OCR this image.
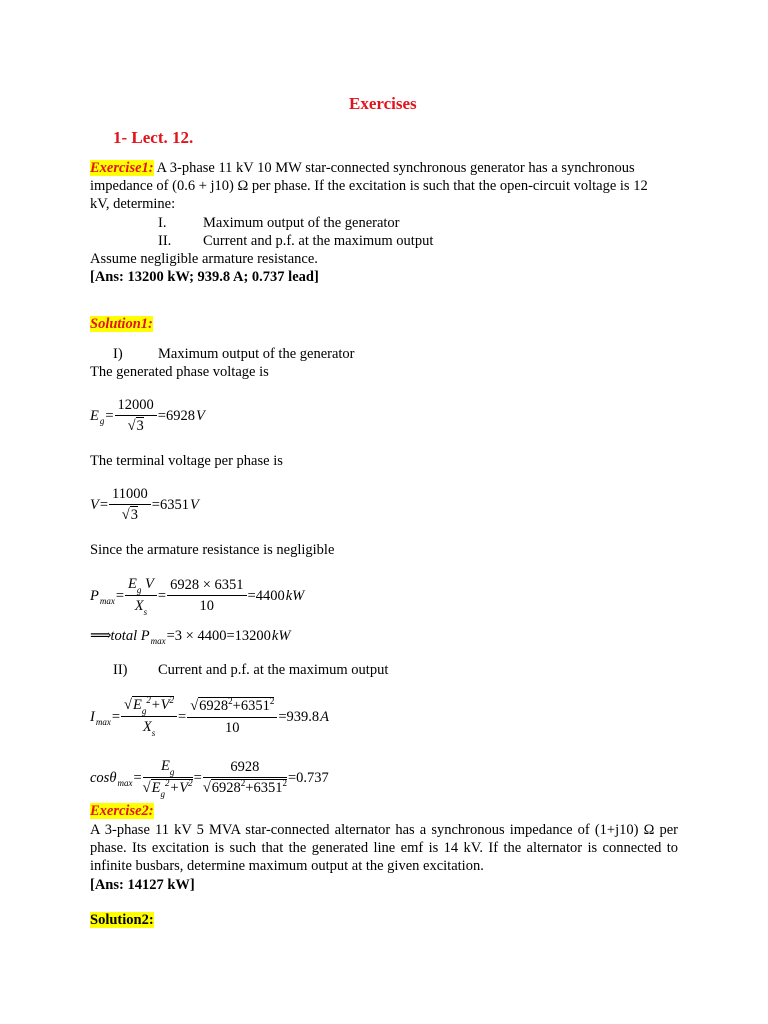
Exercises
1- Lect. 12.
Exercise1: A 3-phase 11 kV 10 MW star-connected synchronous generator has a synchronous
impedance of (0.6 + j10) Ω per phase. If the excitation is such that the open-circuit voltage is 12
kV, determine:
I.	Maximum output of the generator
II. Current and p.f. at the maximum output
Assume negligible armature resistance.
[Ans: 13200 kW; 939.8 A; 0.737 lead]
Solution1:
I) Maximum output of the generator
The generated phase voltage is
E $g = \frac{12000}{√3} =6928$ V
The terminal voltage per phase is
$V = \frac{11000}{√3} =6351$ V
Since the armature resistance is negligible
P $\max = \frac{E_g V}{X_s} = \frac{6928 \times 6351}{10} =4400$ kW
⟹ total P max =3 × 4400=13200 kW
II) Current and p.f. at the maximum output
I $\max = \frac{√E_g^2+V^2}{X_s} = \frac{√6928^2+6351^2}{10} =939.8$ A
cosθ $\max = \frac{E_g}{√E_g^2+V^2} = \frac{6928}{√6928^2+6351^2} =0.737$
Exercise2:
A 3-phase 11 kV 5 MVA star-connected alternator has a synchronous impedance of (1+j10) Ω per phase. Its excitation is such that the generated line emf is 14 kV. If the alternator is connected to infinite busbars, determine maximum output at the given excitation.
[Ans: 14127 kW]
Solution2:
